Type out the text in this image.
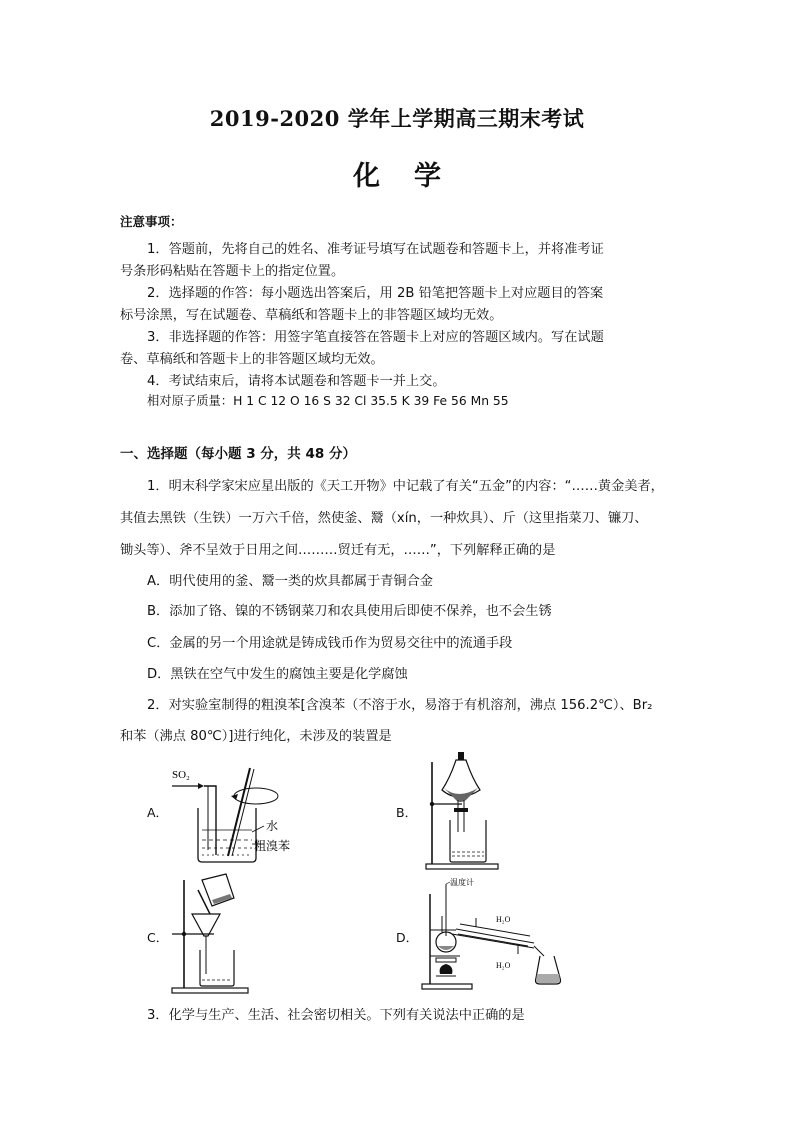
2019-2020 学年上学期高三期末考试
化学
注意事项：
1．答题前，先将自己的姓名、准考证号填写在试题卷和答题卡上，并将准考证
号条形码粘贴在答题卡上的指定位置。
2．选择题的作答：每小题选出答案后，用 2B 铅笔把答题卡上对应题目的答案
标号涂黑，写在试题卷、草稿纸和答题卡上的非答题区域均无效。
3．非选择题的作答：用签字笔直接答在答题卡上对应的答题区域内。写在试题
卷、草稿纸和答题卡上的非答题区域均无效。
4．考试结束后，请将本试题卷和答题卡一并上交。
相对原子质量：H 1 C 12 O 16 S 32 Cl 35.5 K 39 Fe 56 Mn 55
一、选择题（每小题 3 分，共 48 分）
1．明末科学家宋应星出版的《天工开物》中记载了有关“五金”的内容：“……黄金美者，
其值去黑铁（生铁）一万六千倍，然使釜、鬵（xín，一种炊具）、斤（这里指菜刀、镰刀、
锄头等）、斧不呈效于日用之间………贸迁有无，……”，下列解释正确的是
A．明代使用的釜、鬵一类的炊具都属于青铜合金
B．添加了铬、镍的不锈钢菜刀和农具使用后即使不保养，也不会生锈
C．金属的另一个用途就是铸成钱币作为贸易交往中的流通手段
D．黑铁在空气中发生的腐蚀主要是化学腐蚀
2．对实验室制得的粗溴苯[含溴苯（不溶于水，易溶于有机溶剂，沸点 156.2℃）、Br₂
和苯（沸点 80℃）]进行纯化，未涉及的装置是
A．	B．
C．	D．
SO₂
水
粗溴苯
温度计
H₂O
H₂O
3．化学与生产、生活、社会密切相关。下列有关说法中正确的是
